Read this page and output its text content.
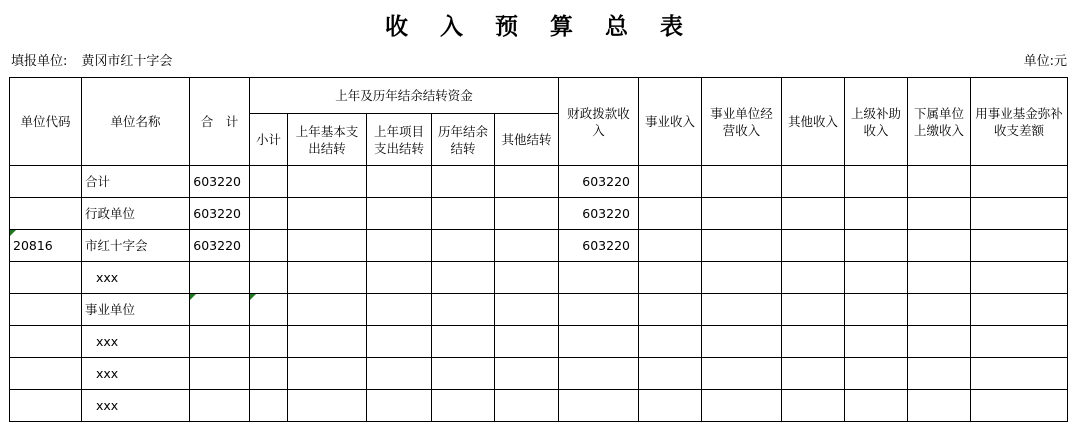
收 入 预 算 总 表
填报单位: 黄冈市红十字会	单位:元
单位代码	单位名称	合　计	上年及历年结余结转资金					财政拨款收入	事业收入	事业单位经营收入	其他收入	上级补助收入	下属单位上缴收入	用事业基金弥补收支差额
			小计	上年基本支出结转	上年项目支出结转	历年结余结转	其他结转							
	合计	603220						603220						
	行政单位	603220						603220						
20816	市红十字会	603220						603220						
	xxx													
	事业单位													
	xxx													
	xxx													
	xxx													
